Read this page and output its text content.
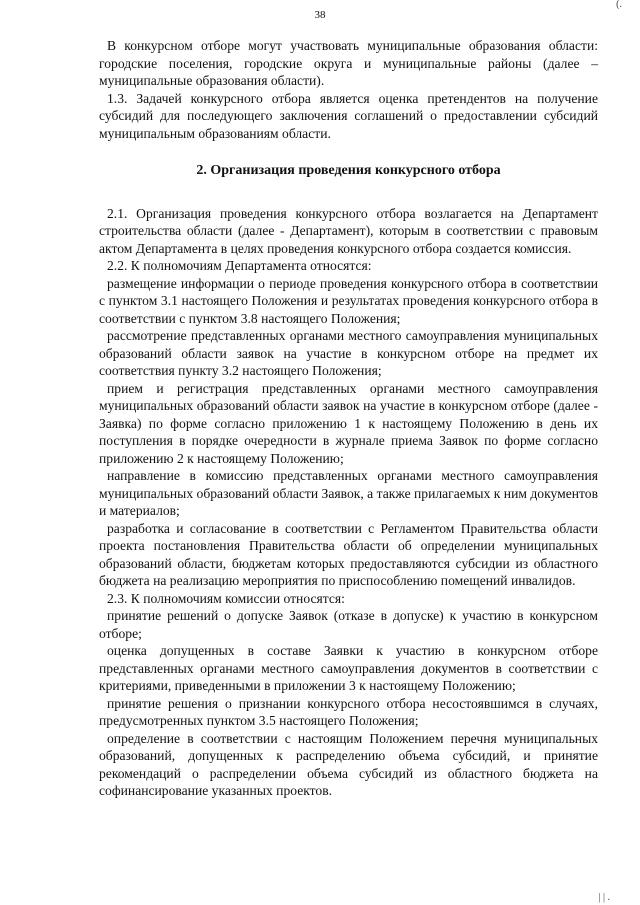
(.
38

В конкурсном отборе могут участвовать муниципальные образования области: городские поселения, городские округа и муниципальные районы (далее – муниципальные образования области).

1.3. Задачей конкурсного отбора является оценка претендентов на получение субсидий для последующего заключения соглашений о предоставлении субсидий муниципальным образованиям области.

2. Организация проведения конкурсного отбора

2.1. Организация проведения конкурсного отбора возлагается на Департамент строительства области (далее - Департамент), которым в соответствии с правовым актом Департамента в целях проведения конкурсного отбора создается комиссия.

2.2. К полномочиям Департамента относятся:

размещение информации о периоде проведения конкурсного отбора в соответствии с пунктом 3.1 настоящего Положения и результатах проведения конкурсного отбора в соответствии с пунктом 3.8 настоящего Положения;

рассмотрение представленных органами местного самоуправления муниципальных образований области заявок на участие в конкурсном отборе на предмет их соответствия пункту 3.2 настоящего Положения;

прием и регистрация представленных органами местного самоуправления муниципальных образований области заявок на участие в конкурсном отборе (далее - Заявка) по форме согласно приложению 1 к настоящему Положению в день их поступления в порядке очередности в журнале приема Заявок по форме согласно приложению 2 к настоящему Положению;

направление в комиссию представленных органами местного самоуправления муниципальных образований области Заявок, а также прилагаемых к ним документов и материалов;

разработка и согласование в соответствии с Регламентом Правительства области проекта постановления Правительства области об определении муниципальных образований области, бюджетам которых предоставляются субсидии из областного бюджета на реализацию мероприятия по приспособлению помещений инвалидов.

2.3. К полномочиям комиссии относятся:

принятие решений о допуске Заявок (отказе в допуске) к участию в конкурсном отборе;

оценка допущенных в составе Заявки к участию в конкурсном отборе представленных органами местного самоуправления документов в соответствии с критериями, приведенными в приложении 3 к настоящему Положению;

принятие решения о признании конкурсного отбора несостоявшимся в случаях, предусмотренных пунктом 3.5 настоящего Положения;

определение в соответствии с настоящим Положением перечня муниципальных образований, допущенных к распределению объема субсидий, и принятие рекомендаций о распределении объема субсидий из областного бюджета на софинансирование указанных проектов.

| | .
